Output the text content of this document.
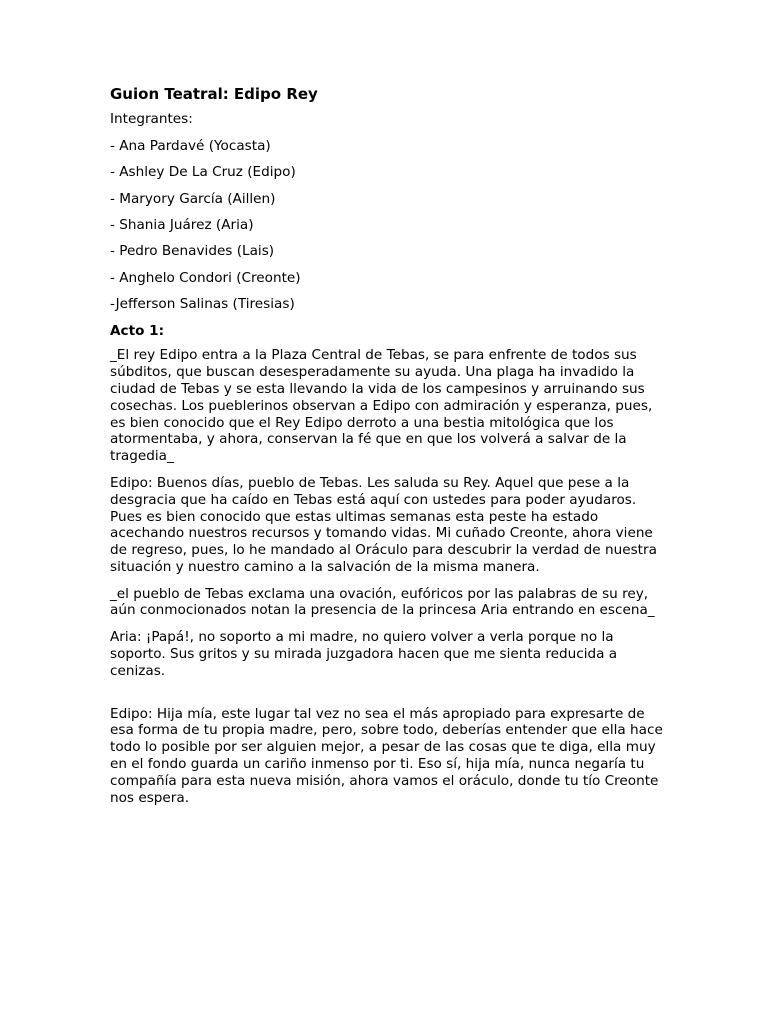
Guion Teatral: Edipo Rey
Integrantes:
- Ana Pardavé (Yocasta)
- Ashley De La Cruz (Edipo)
- Maryory García (Aillen)
- Shania Juárez (Aria)
- Pedro Benavides (Lais)
- Anghelo Condori (Creonte)
-Jefferson Salinas (Tiresias)
Acto 1:
_El rey Edipo entra a la Plaza Central de Tebas, se para enfrente de todos sus súbditos, que buscan desesperadamente su ayuda. Una plaga ha invadido la ciudad de Tebas y se esta llevando la vida de los campesinos y arruinando sus cosechas. Los pueblerinos observan a Edipo con admiración y esperanza, pues, es bien conocido que el Rey Edipo derroto a una bestia mitológica que los atormentaba, y ahora, conservan la fé que en que los volverá a salvar de la tragedia_
Edipo: Buenos días, pueblo de Tebas. Les saluda su Rey. Aquel que pese a la desgracia que ha caído en Tebas está aquí con ustedes para poder ayudaros. Pues es bien conocido que estas ultimas semanas esta peste ha estado acechando nuestros recursos y tomando vidas. Mi cuñado Creonte, ahora viene de regreso, pues, lo he mandado al Oráculo para descubrir la verdad de nuestra situación y nuestro camino a la salvación de la misma manera.
_el pueblo de Tebas exclama una ovación, eufóricos por las palabras de su rey, aún conmocionados notan la presencia de la princesa Aria entrando en escena_
Aria: ¡Papá!, no soporto a mi madre, no quiero volver a verla porque no la soporto. Sus gritos y su mirada juzgadora hacen que me sienta reducida a cenizas.
Edipo: Hija mía, este lugar tal vez no sea el más apropiado para expresarte de esa forma de tu propia madre, pero, sobre todo, deberías entender que ella hace todo lo posible por ser alguien mejor, a pesar de las cosas que te diga, ella muy en el fondo guarda un cariño inmenso por ti. Eso sí, hija mía, nunca negaría tu compañía para esta nueva misión, ahora vamos el oráculo, donde tu tío Creonte nos espera.
